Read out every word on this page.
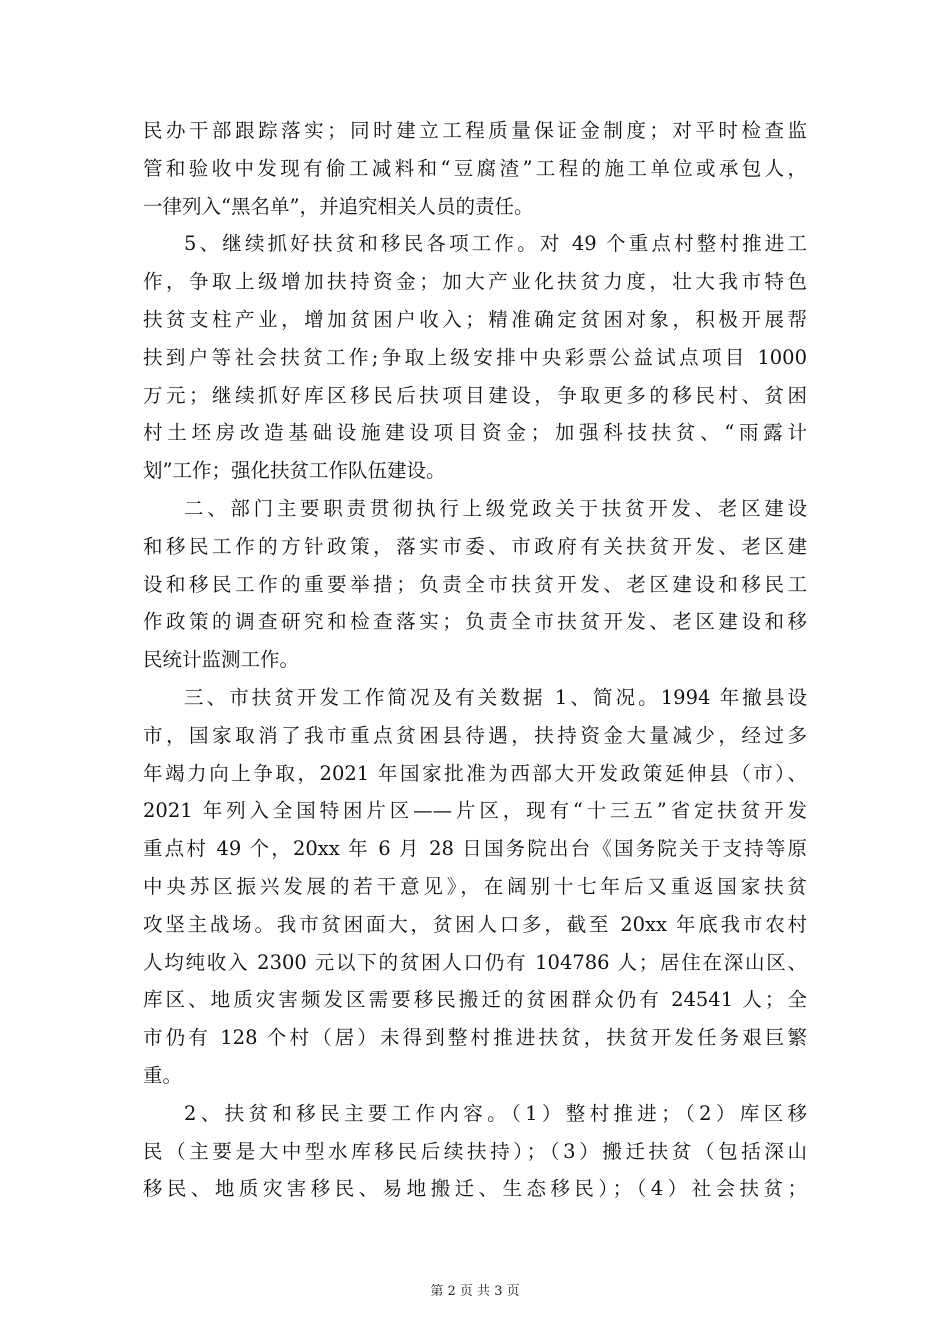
民办干部跟踪落实；同时建立工程质量保证金制度；对平时检查监
管和验收中发现有偷工减料和“豆腐渣”工程的施工单位或承包人，
一律列入“黑名单”，并追究相关人员的责任。
5、继续抓好扶贫和移民各项工作。对 49 个重点村整村推进工
作，争取上级增加扶持资金；加大产业化扶贫力度，壮大我市特色
扶贫支柱产业，增加贫困户收入；精准确定贫困对象，积极开展帮
扶到户等社会扶贫工作;争取上级安排中央彩票公益试点项目 1000
万元；继续抓好库区移民后扶项目建设，争取更多的移民村、贫困
村土坯房改造基础设施建设项目资金；加强科技扶贫、“雨露计
划”工作；强化扶贫工作队伍建设。
二、部门主要职责贯彻执行上级党政关于扶贫开发、老区建设
和移民工作的方针政策，落实市委、市政府有关扶贫开发、老区建
设和移民工作的重要举措；负责全市扶贫开发、老区建设和移民工
作政策的调查研究和检查落实；负责全市扶贫开发、老区建设和移
民统计监测工作。
三、市扶贫开发工作简况及有关数据 1、简况。1994 年撤县设
市，国家取消了我市重点贫困县待遇，扶持资金大量减少，经过多
年竭力向上争取，2021 年国家批准为西部大开发政策延伸县（市）、
2021 年列入全国特困片区——片区，现有“十三五”省定扶贫开发
重点村 49 个，20xx 年 6 月 28 日国务院出台《国务院关于支持等原
中央苏区振兴发展的若干意见》，在阔别十七年后又重返国家扶贫
攻坚主战场。我市贫困面大，贫困人口多，截至 20xx 年底我市农村
人均纯收入 2300 元以下的贫困人口仍有 104786 人；居住在深山区、
库区、地质灾害频发区需要移民搬迁的贫困群众仍有 24541 人；全
市仍有 128 个村（居）未得到整村推进扶贫，扶贫开发任务艰巨繁
重。
2、扶贫和移民主要工作内容。（1）整村推进；（2）库区移
民（主要是大中型水库移民后续扶持）；（3）搬迁扶贫（包括深山
移民、地质灾害移民、易地搬迁、生态移民）；（4）社会扶贫；
第 2 页 共 3 页
